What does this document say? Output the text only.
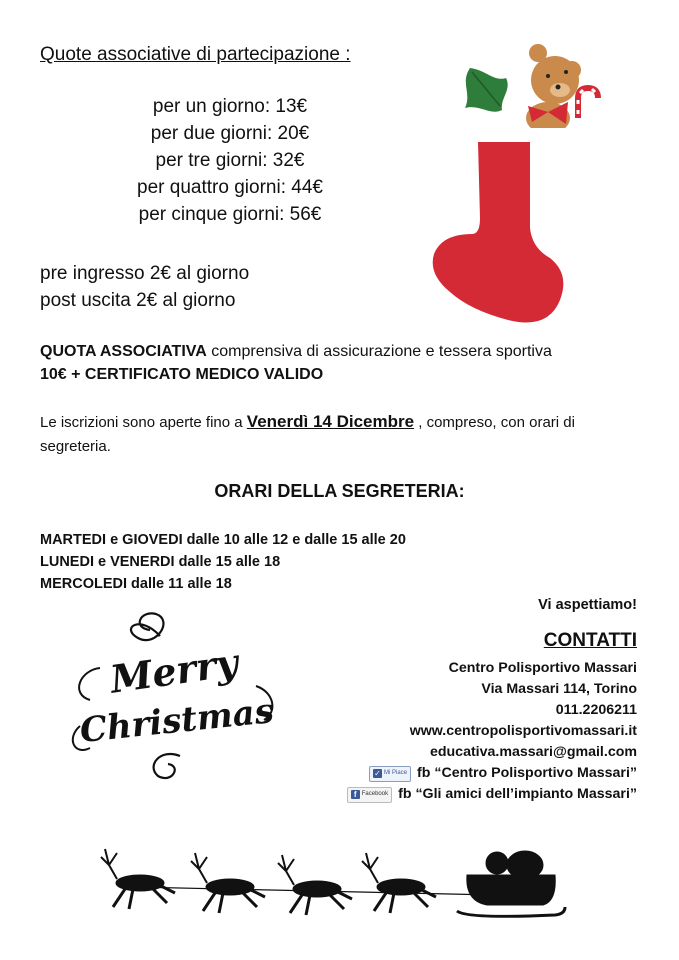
Quote associative di partecipazione :
per un giorno: 13€
per due giorni: 20€
per tre giorni: 32€
per quattro giorni: 44€
per cinque giorni: 56€
pre ingresso 2€ al giorno
post uscita 2€ al giorno
QUOTA ASSOCIATIVA comprensiva di assicurazione e tessera sportiva
10€ + CERTIFICATO MEDICO VALIDO
Le iscrizioni sono aperte fino a Venerdì 14 Dicembre , compreso, con orari di segreteria.
ORARI DELLA SEGRETERIA:
MARTEDI e GIOVEDI dalle 10 alle 12 e dalle 15 alle 20
LUNEDI e VENERDI dalle 15 alle 18
MERCOLEDI dalle 11 alle 18
Vi aspettiamo!
Merry
Christmas
CONTATTI
Centro Polisportivo Massari
Via Massari 114, Torino
011.2206211
www.centropolisportivomassari.it
educativa.massari@gmail.com
✓ Mi Piace fb “Centro Polisportivo Massari”
f Facebook fb “Gli amici dell’impianto Massari”
